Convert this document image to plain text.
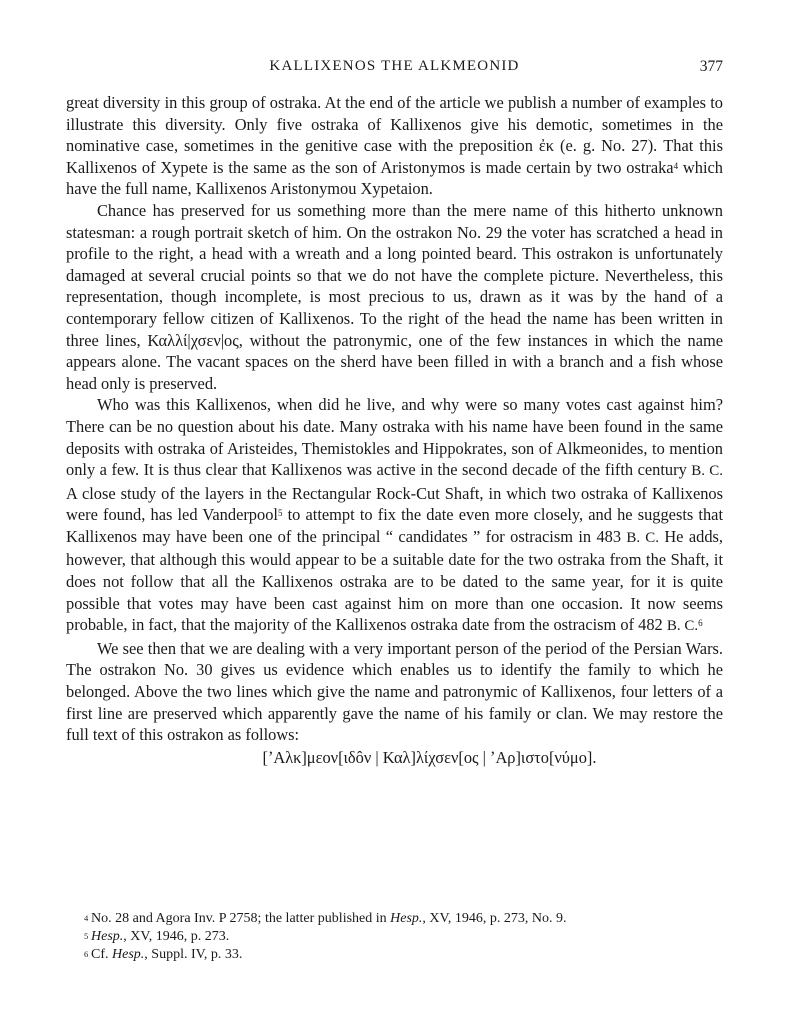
KALLIXENOS THE ALKMEONID	377

great diversity in this group of ostraka. At the end of the article we publish a number of examples to illustrate this diversity. Only five ostraka of Kallixenos give his demotic, sometimes in the nominative case, sometimes in the genitive case with the preposition ἐκ (e. g. No. 27). That this Kallixenos of Xypete is the same as the son of Aristonymos is made certain by two ostraka$^4$ which have the full name, Kallixenos Aristonymou Xypetaion.

Chance has preserved for us something more than the mere name of this hitherto unknown statesman: a rough portrait sketch of him. On the ostrakon No. 29 the voter has scratched a head in profile to the right, a head with a wreath and a long pointed beard. This ostrakon is unfortunately damaged at several crucial points so that we do not have the complete picture. Nevertheless, this representation, though incomplete, is most precious to us, drawn as it was by the hand of a contemporary fellow citizen of Kallixenos. To the right of the head the name has been written in three lines, Καλλί|χσεν|ος, without the patronymic, one of the few instances in which the name appears alone. The vacant spaces on the sherd have been filled in with a branch and a fish whose head only is preserved.

Who was this Kallixenos, when did he live, and why were so many votes cast against him? There can be no question about his date. Many ostraka with his name have been found in the same deposits with ostraka of Aristeides, Themistokles and Hippokrates, son of Alkmeonides, to mention only a few. It is thus clear that Kallixenos was active in the second decade of the fifth century B. C. A close study of the layers in the Rectangular Rock-Cut Shaft, in which two ostraka of Kallixenos were found, has led Vanderpool$^5$ to attempt to fix the date even more closely, and he suggests that Kallixenos may have been one of the principal “ candidates ” for ostracism in 483 B. C. He adds, however, that although this would appear to be a suitable date for the two ostraka from the Shaft, it does not follow that all the Kallixenos ostraka are to be dated to the same year, for it is quite possible that votes may have been cast against him on more than one occasion. It now seems probable, in fact, that the majority of the Kallixenos ostraka date from the ostracism of 482 B. C.$^6$

We see then that we are dealing with a very important person of the period of the Persian Wars. The ostrakon No. 30 gives us evidence which enables us to identify the family to which he belonged. Above the two lines which give the name and patronymic of Kallixenos, four letters of a first line are preserved which apparently gave the name of his family or clan. We may restore the full text of this ostrakon as follows:

[ʼΑλκ]μεον[ιδôν | Καλ]λίχσεν[ος | ʼΑρ]ιστο[νύμο].
4 No. 28 and Agora Inv. P 2758; the latter published in Hesp., XV, 1946, p. 273, No. 9.
5 Hesp., XV, 1946, p. 273.
6 Cf. Hesp., Suppl. IV, p. 33.
